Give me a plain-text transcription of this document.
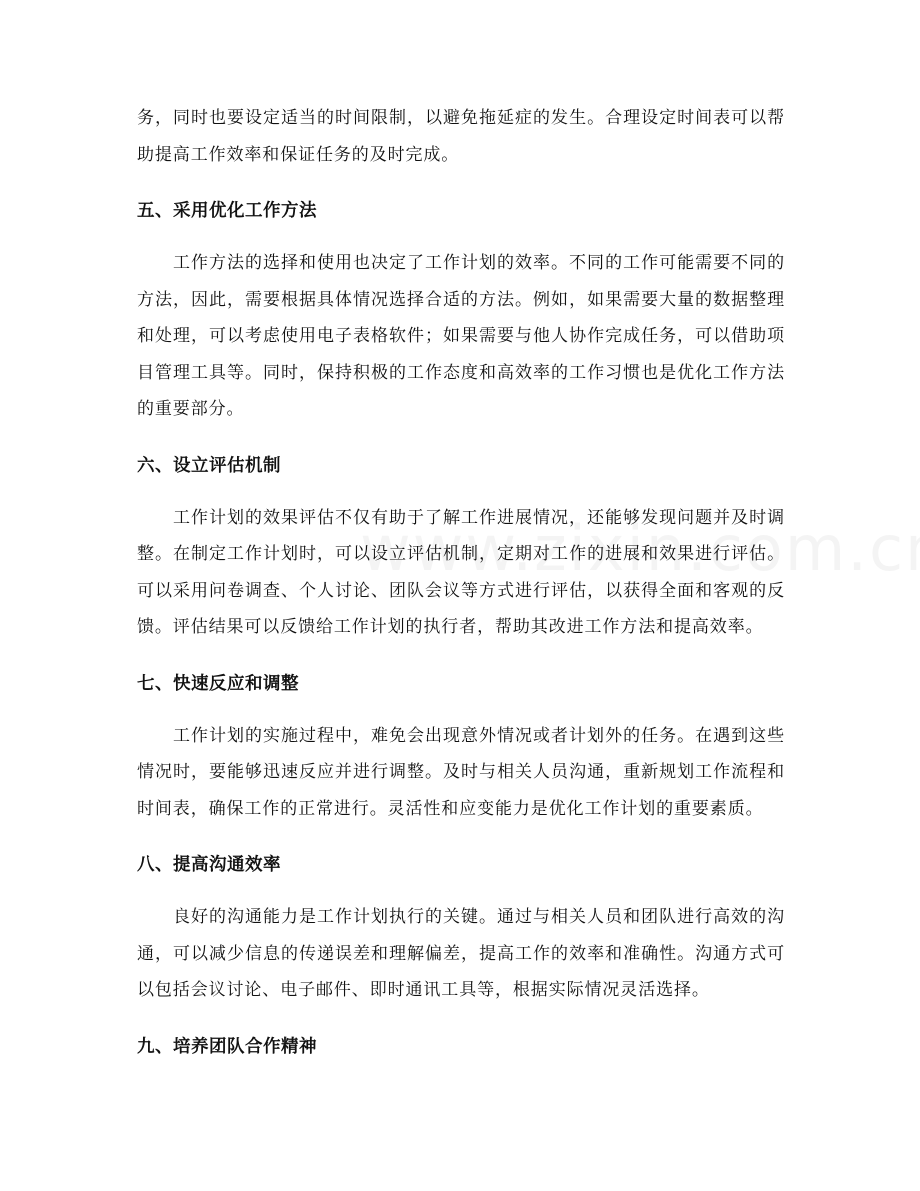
务，同时也要设定适当的时间限制，以避免拖延症的发生。合理设定时间表可以帮助提高工作效率和保证任务的及时完成。

五、采用优化工作方法

工作方法的选择和使用也决定了工作计划的效率。不同的工作可能需要不同的方法，因此，需要根据具体情况选择合适的方法。例如，如果需要大量的数据整理和处理，可以考虑使用电子表格软件；如果需要与他人协作完成任务，可以借助项目管理工具等。同时，保持积极的工作态度和高效率的工作习惯也是优化工作方法的重要部分。

六、设立评估机制

工作计划的效果评估不仅有助于了解工作进展情况，还能够发现问题并及时调整。在制定工作计划时，可以设立评估机制，定期对工作的进展和效果进行评估。可以采用问卷调查、个人讨论、团队会议等方式进行评估，以获得全面和客观的反馈。评估结果可以反馈给工作计划的执行者，帮助其改进工作方法和提高效率。

七、快速反应和调整

工作计划的实施过程中，难免会出现意外情况或者计划外的任务。在遇到这些情况时，要能够迅速反应并进行调整。及时与相关人员沟通，重新规划工作流程和时间表，确保工作的正常进行。灵活性和应变能力是优化工作计划的重要素质。

八、提高沟通效率

良好的沟通能力是工作计划执行的关键。通过与相关人员和团队进行高效的沟通，可以减少信息的传递误差和理解偏差，提高工作的效率和准确性。沟通方式可以包括会议讨论、电子邮件、即时通讯工具等，根据实际情况灵活选择。

九、培养团队合作精神
